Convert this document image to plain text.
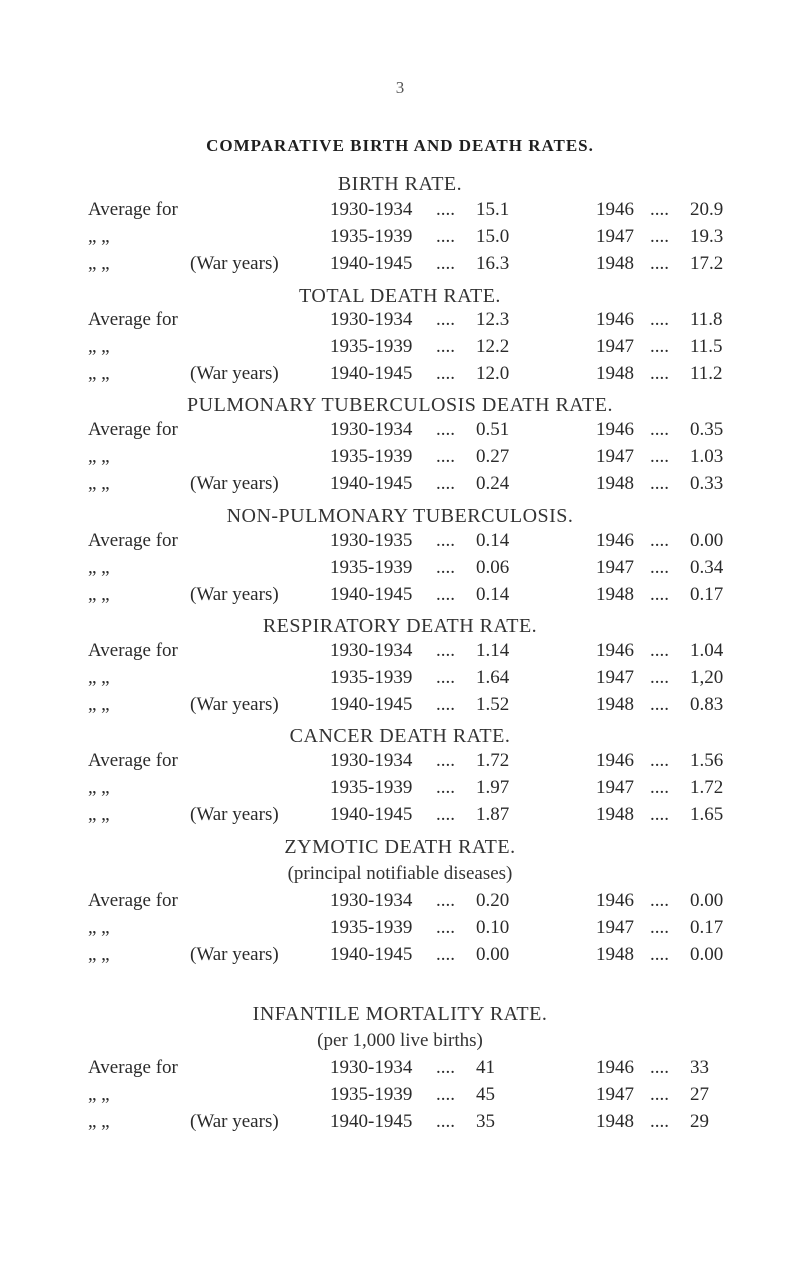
3
COMPARATIVE BIRTH AND DEATH RATES.
BIRTH RATE.
Average for	1930-1934 .... 15.1	1946 .... 20.9
„ „	1935-1939 .... 15.0	1947 .... 19.3
„ „	(War years)	1940-1945 .... 16.3	1948 .... 17.2
TOTAL DEATH RATE.
Average for	1930-1934 .... 12.3	1946 .... 11.8
„ „	1935-1939 .... 12.2	1947 .... 11.5
„ „	(War years)	1940-1945 .... 12.0	1948 .... 11.2
PULMONARY TUBERCULOSIS DEATH RATE.
Average for	1930-1934 .... 0.51	1946 .... 0.35
„ „	1935-1939 .... 0.27	1947 .... 1.03
„ „	(War years)	1940-1945 .... 0.24	1948 .... 0.33
NON-PULMONARY TUBERCULOSIS.
Average for	1930-1935 .... 0.14	1946 .... 0.00
„ „	1935-1939 .... 0.06	1947 .... 0.34
„ „	(War years)	1940-1945 .... 0.14	1948 .... 0.17
RESPIRATORY DEATH RATE.
Average for	1930-1934 .... 1.14	1946 .... 1.04
„ „	1935-1939 .... 1.64	1947 .... 1,20
„ „	(War years)	1940-1945 .... 1.52	1948 .... 0.83
CANCER DEATH RATE.
Average for	1930-1934 .... 1.72	1946 .... 1.56
„ „	1935-1939 .... 1.97	1947 .... 1.72
„ „	(War years)	1940-1945 .... 1.87	1948 .... 1.65
ZYMOTIC DEATH RATE.
(principal notifiable diseases)
Average for	1930-1934 .... 0.20	1946 .... 0.00
„ „	1935-1939 .... 0.10	1947 .... 0.17
„ „	(War years)	1940-1945 .... 0.00	1948 .... 0.00
INFANTILE MORTALITY RATE.
(per 1,000 live births)
Average for	1930-1934 .... 41	1946 .... 33
„ „	1935-1939 .... 45	1947 .... 27
„ „	(War years)	1940-1945 .... 35	1948 .... 29
